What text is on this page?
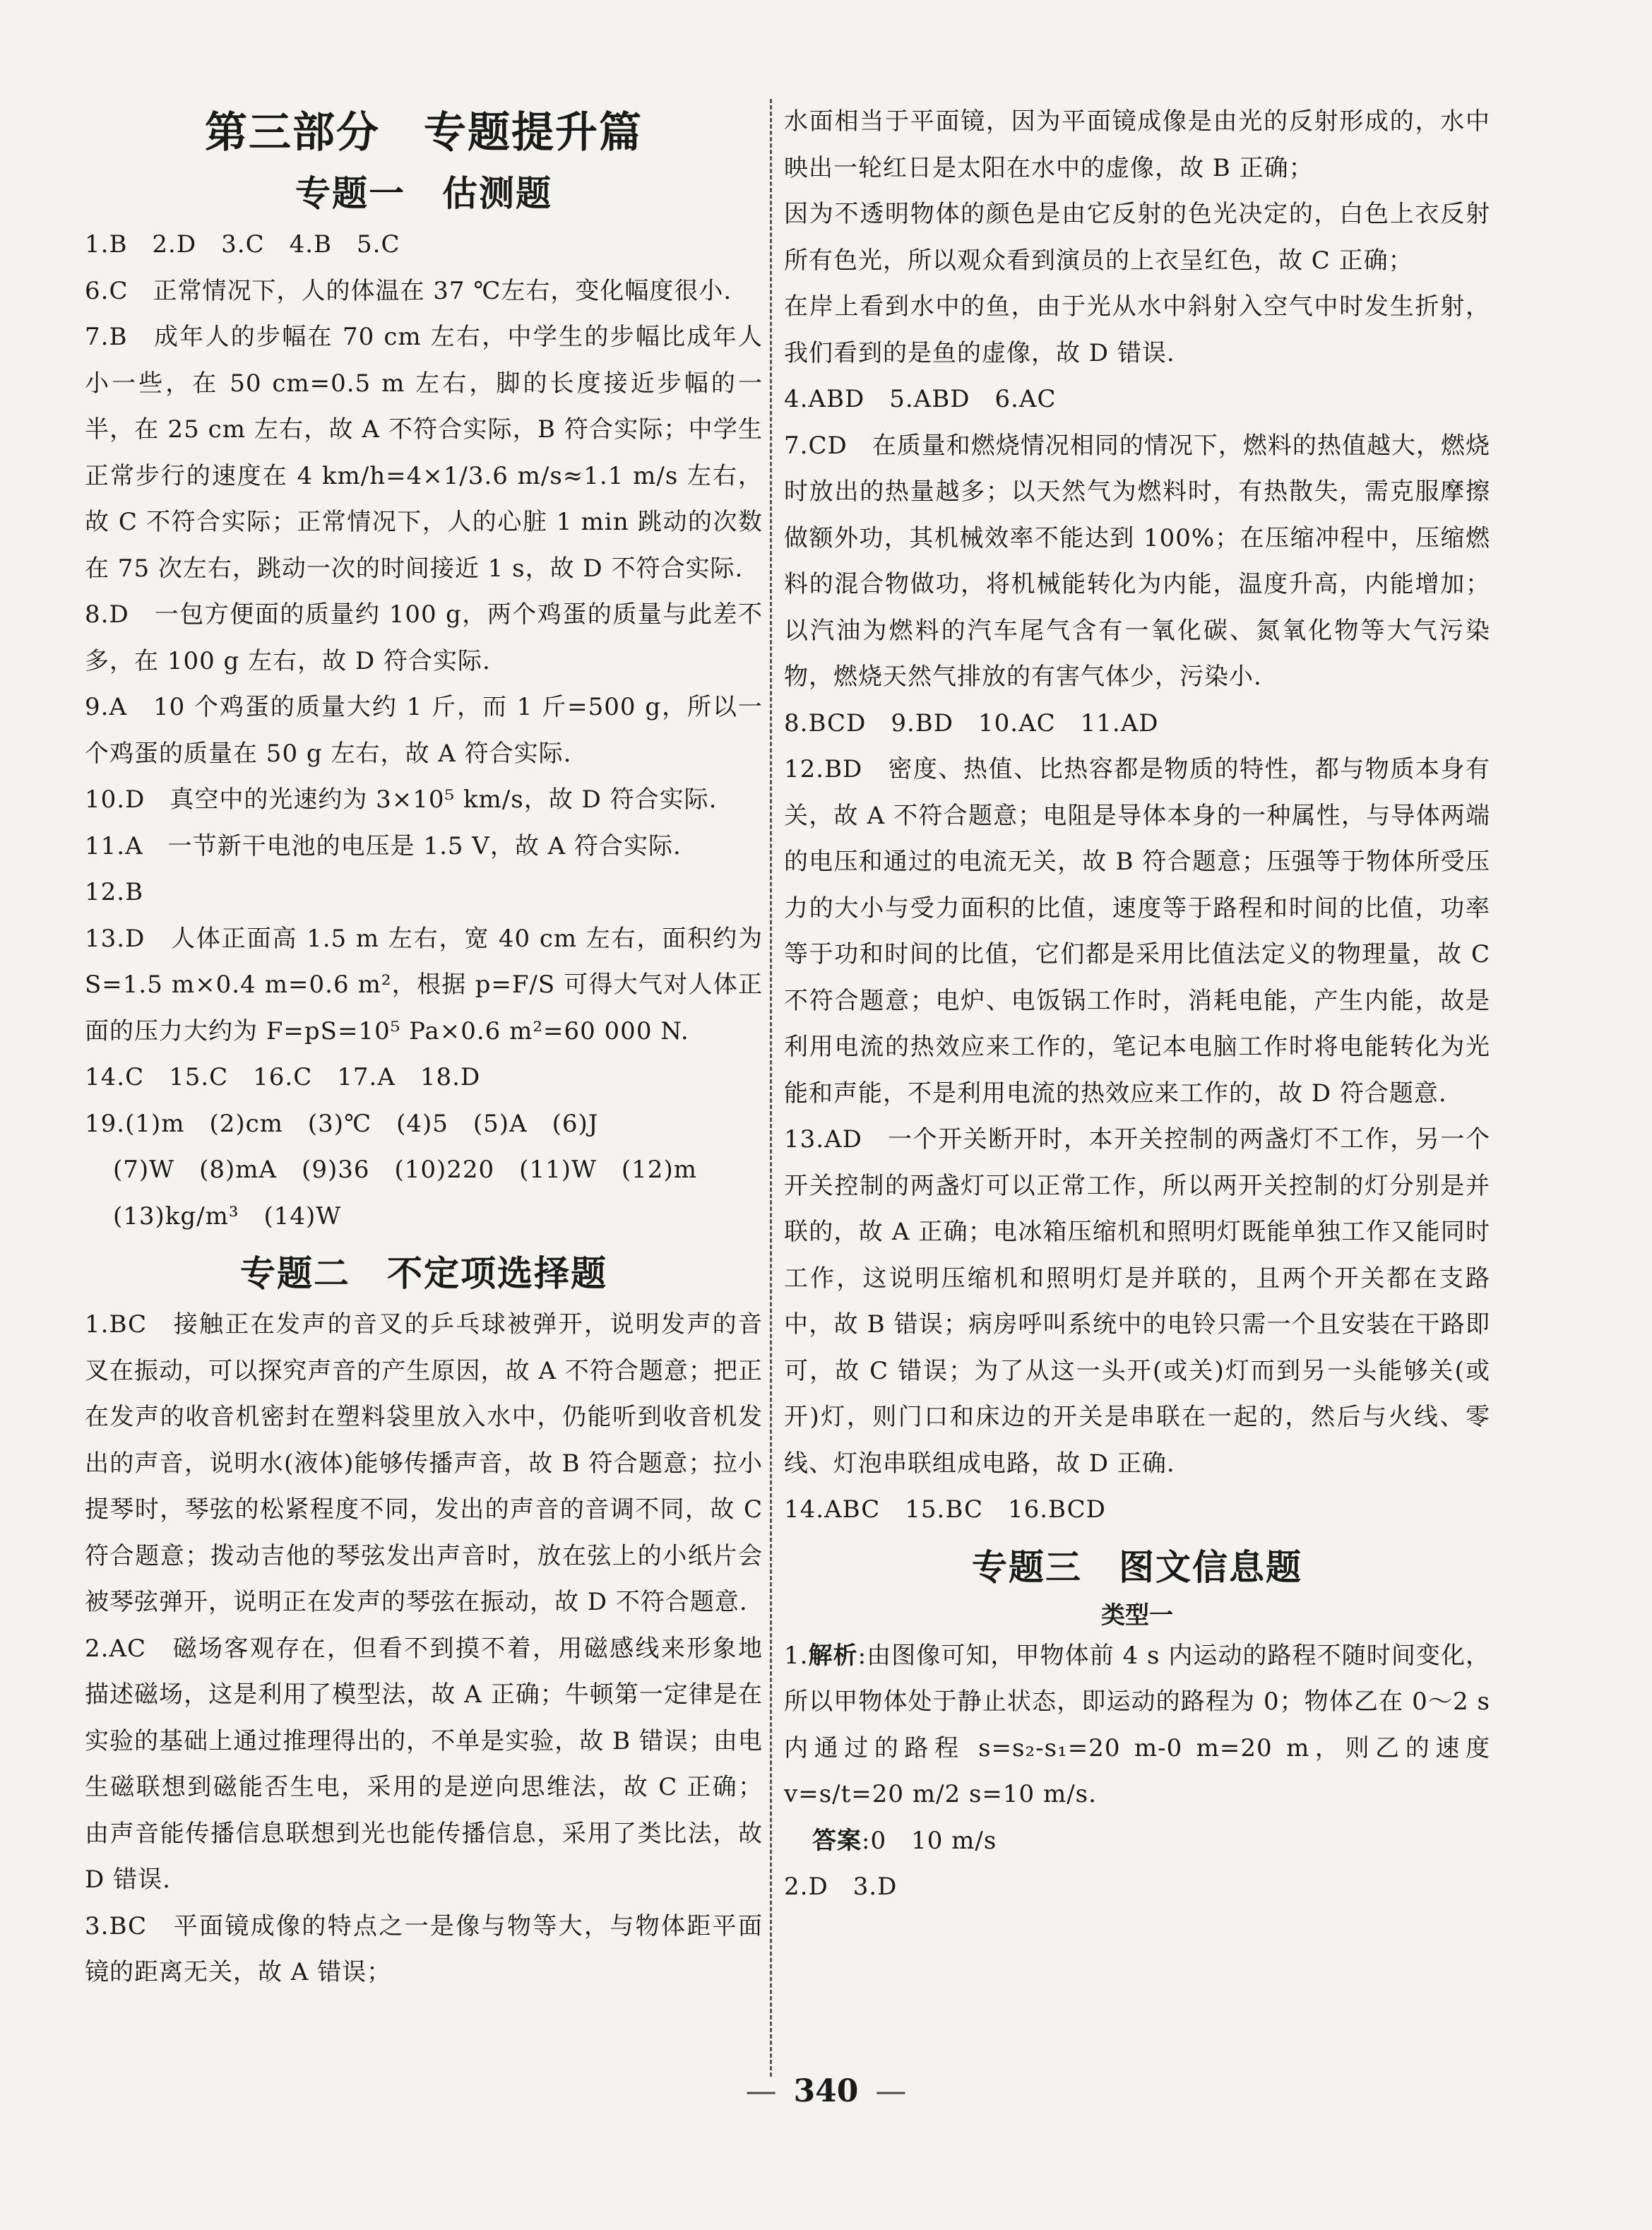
第三部分　专题提升篇
专题一　估测题
1.B　2.D　3.C　4.B　5.C
6.C　正常情况下，人的体温在 37 ℃左右，变化幅度很小.
7.B　成年人的步幅在 70 cm 左右，中学生的步幅比成年人小一些，在 50 cm=0.5 m 左右，脚的长度接近步幅的一半，在 25 cm 左右，故 A 不符合实际，B 符合实际；中学生正常步行的速度在 4 km/h=4×1/3.6 m/s≈1.1 m/s 左右，故 C 不符合实际；正常情况下，人的心脏 1 min 跳动的次数在 75 次左右，跳动一次的时间接近 1 s，故 D 不符合实际.
8.D　一包方便面的质量约 100 g，两个鸡蛋的质量与此差不多，在 100 g 左右，故 D 符合实际.
9.A　10 个鸡蛋的质量大约 1 斤，而 1 斤=500 g，所以一个鸡蛋的质量在 50 g 左右，故 A 符合实际.
10.D　真空中的光速约为 3×10⁵ km/s，故 D 符合实际.
11.A　一节新干电池的电压是 1.5 V，故 A 符合实际.
12.B
13.D　人体正面高 1.5 m 左右，宽 40 cm 左右，面积约为 S=1.5 m×0.4 m=0.6 m²，根据 p=F/S 可得大气对人体正面的压力大约为 F=pS=10⁵ Pa×0.6 m²=60 000 N.
14.C　15.C　16.C　17.A　18.D
19.(1)m　(2)cm　(3)℃　(4)5　(5)A　(6)J
(7)W　(8)mA　(9)36　(10)220　(11)W　(12)m
(13)kg/m³　(14)W
专题二　不定项选择题
1.BC　接触正在发声的音叉的乒乓球被弹开，说明发声的音叉在振动，可以探究声音的产生原因，故 A 不符合题意；把正在发声的收音机密封在塑料袋里放入水中，仍能听到收音机发出的声音，说明水(液体)能够传播声音，故 B 符合题意；拉小提琴时，琴弦的松紧程度不同，发出的声音的音调不同，故 C 符合题意；拨动吉他的琴弦发出声音时，放在弦上的小纸片会被琴弦弹开，说明正在发声的琴弦在振动，故 D 不符合题意.
2.AC　磁场客观存在，但看不到摸不着，用磁感线来形象地描述磁场，这是利用了模型法，故 A 正确；牛顿第一定律是在实验的基础上通过推理得出的，不单是实验，故 B 错误；由电生磁联想到磁能否生电，采用的是逆向思维法，故 C 正确；由声音能传播信息联想到光也能传播信息，采用了类比法，故 D 错误.
3.BC　平面镜成像的特点之一是像与物等大，与物体距平面镜的距离无关，故 A 错误；
水面相当于平面镜，因为平面镜成像是由光的反射形成的，水中映出一轮红日是太阳在水中的虚像，故 B 正确；
因为不透明物体的颜色是由它反射的色光决定的，白色上衣反射所有色光，所以观众看到演员的上衣呈红色，故 C 正确；
在岸上看到水中的鱼，由于光从水中斜射入空气中时发生折射，我们看到的是鱼的虚像，故 D 错误.
4.ABD　5.ABD　6.AC
7.CD　在质量和燃烧情况相同的情况下，燃料的热值越大，燃烧时放出的热量越多；以天然气为燃料时，有热散失，需克服摩擦做额外功，其机械效率不能达到 100%；在压缩冲程中，压缩燃料的混合物做功，将机械能转化为内能，温度升高，内能增加；以汽油为燃料的汽车尾气含有一氧化碳、氮氧化物等大气污染物，燃烧天然气排放的有害气体少，污染小.
8.BCD　9.BD　10.AC　11.AD
12.BD　密度、热值、比热容都是物质的特性，都与物质本身有关，故 A 不符合题意；电阻是导体本身的一种属性，与导体两端的电压和通过的电流无关，故 B 符合题意；压强等于物体所受压力的大小与受力面积的比值，速度等于路程和时间的比值，功率等于功和时间的比值，它们都是采用比值法定义的物理量，故 C 不符合题意；电炉、电饭锅工作时，消耗电能，产生内能，故是利用电流的热效应来工作的，笔记本电脑工作时将电能转化为光能和声能，不是利用电流的热效应来工作的，故 D 符合题意.
13.AD　一个开关断开时，本开关控制的两盏灯不工作，另一个开关控制的两盏灯可以正常工作，所以两开关控制的灯分别是并联的，故 A 正确；电冰箱压缩机和照明灯既能单独工作又能同时工作，这说明压缩机和照明灯是并联的，且两个开关都在支路中，故 B 错误；病房呼叫系统中的电铃只需一个且安装在干路即可，故 C 错误；为了从这一头开(或关)灯而到另一头能够关(或开)灯，则门口和床边的开关是串联在一起的，然后与火线、零线、灯泡串联组成电路，故 D 正确.
14.ABC　15.BC　16.BCD
专题三　图文信息题
类型一
1.解析:由图像可知，甲物体前 4 s 内运动的路程不随时间变化，所以甲物体处于静止状态，即运动的路程为 0；物体乙在 0～2 s 内通过的路程 s=s₂-s₁=20 m-0 m=20 m，则乙的速度 v=s/t=20 m/2 s=10 m/s.
答案:0　10 m/s
2.D　3.D
— 340 —
